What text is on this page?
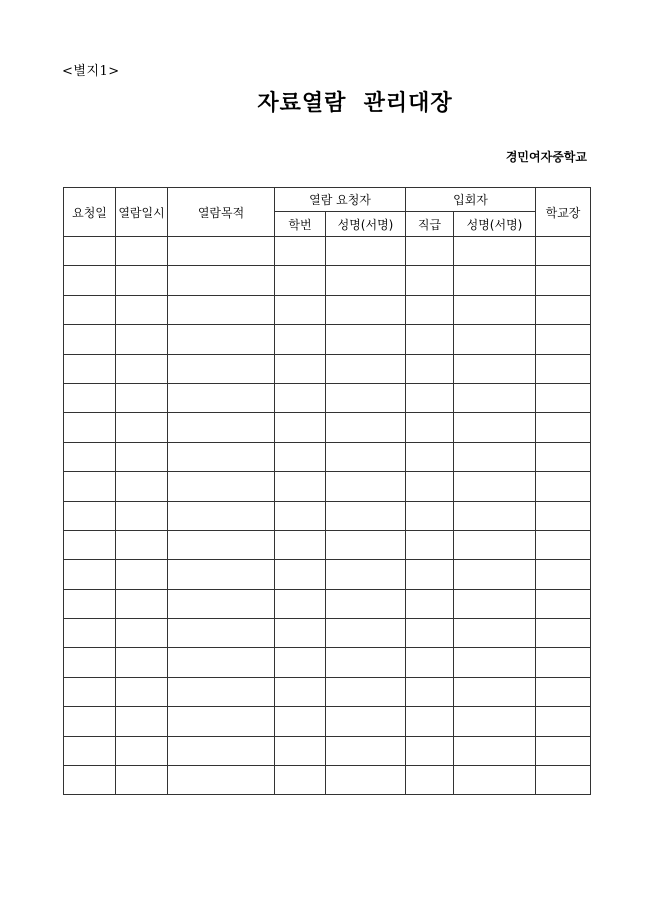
<별지1>
자료열람  관리대장
경민여자중학교
요청일	열람일시	열람목적	열람 요청자		입회자		학교장
			학번	성명(서명)	직급	성명(서명)	
